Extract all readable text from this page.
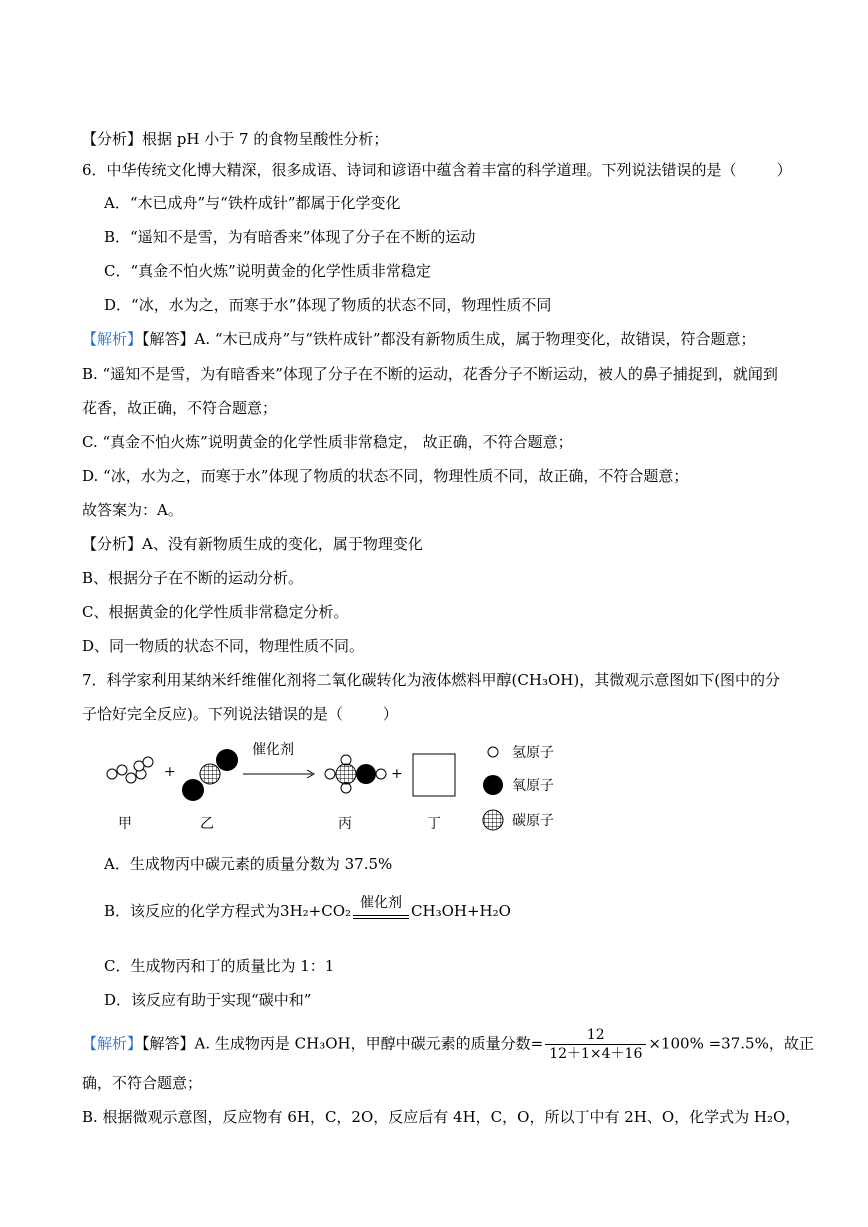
【分析】根据 pH 小于 7 的食物呈酸性分析；
6．中华传统文化博大精深，很多成语、诗词和谚语中蕴含着丰富的科学道理。下列说法错误的是（	）
A．“木已成舟”与“铁杵成针”都属于化学变化
B．“遥知不是雪，为有暗香来”体现了分子在不断的运动
C．“真金不怕火炼”说明黄金的化学性质非常稳定
D．“冰，水为之，而寒于水”体现了物质的状态不同，物理性质不同
【解析】【解答】A. “木已成舟”与“铁杵成针”都没有新物质生成，属于物理变化，故错误，符合题意；
B. “遥知不是雪，为有暗香来”体现了分子在不断的运动，花香分子不断运动，被人的鼻子捕捉到，就闻到
花香，故正确，不符合题意；
C. “真金不怕火炼”说明黄金的化学性质非常稳定， 故正确，不符合题意；
D. “冰，水为之，而寒于水”体现了物质的状态不同，物理性质不同，故正确，不符合题意；
故答案为：A。
【分析】A、没有新物质生成的变化，属于物理变化
B、根据分子在不断的运动分析。
C、根据黄金的化学性质非常稳定分析。
D、同一物质的状态不同，物理性质不同。
7．科学家利用某纳米纤维催化剂将二氧化碳转化为液体燃料甲醇(CH₃OH)，其微观示意图如下(图中的分
子恰好完全反应)。下列说法错误的是（	）
+
催化剂
+
甲	乙	丙	丁
氢原子
氧原子
碳原子
A．生成物丙中碳元素的质量分数为 37.5%
B．该反应的化学方程式为3H₂+CO₂ 催化剂 CH₃OH+H₂O
C．生成物丙和丁的质量比为 1：1
D．该反应有助于实现“碳中和”
【解析】【解答】A. 生成物丙是 CH₃OH，甲醇中碳元素的质量分数= $\frac{12}{12+1\times 4+16} \times 100\% =37.5\%$，故正
确，不符合题意；
B. 根据微观示意图，反应物有 6H，C，2O，反应后有 4H，C，O，所以丁中有 2H、O，化学式为 H₂O，
